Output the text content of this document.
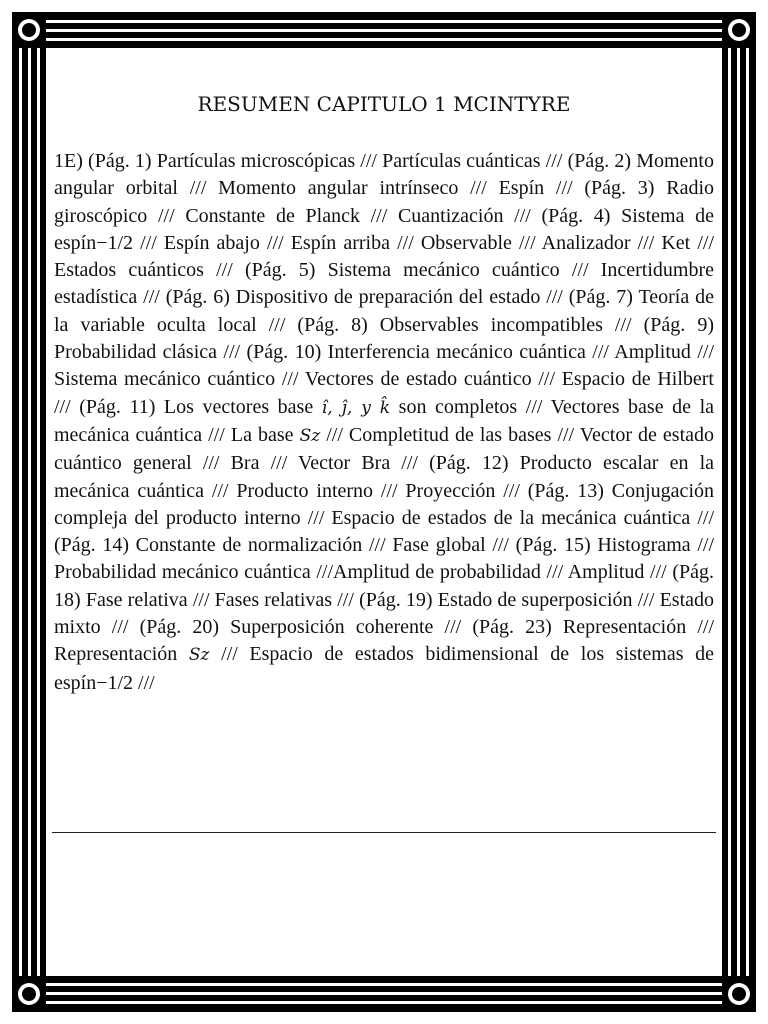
RESUMEN CAPITULO 1 MCINTYRE

1E) (Pág. 1) Partículas microscópicas /// Partículas cuánticas /// (Pág. 2) Momento angular orbital /// Momento angular intrínseco /// Espín /// (Pág. 3) Radio giroscópico /// Constante de Planck /// Cuantización /// (Pág. 4) Sistema de espín−1/2 /// Espín abajo /// Espín arriba /// Observable /// Analizador /// Ket /// Estados cuánticos /// (Pág. 5) Sistema mecánico cuántico /// Incertidumbre estadística /// (Pág. 6) Dispositivo de preparación del estado /// (Pág. 7) Teoría de la variable oculta local /// (Pág. 8) Observables incompatibles /// (Pág. 9) Probabilidad clásica /// (Pág. 10) Interferencia mecánico cuántica /// Amplitud /// Sistema mecánico cuántico /// Vectores de estado cuántico /// Espacio de Hilbert /// (Pág. 11) Los vectores base ı̂, ȷ̂, y k̂ son completos /// Vectores base de la mecánica cuántica /// La base Sz /// Completitud de las bases /// Vector de estado cuántico general /// Bra /// Vector Bra /// (Pág. 12) Producto escalar en la mecánica cuántica /// Producto interno /// Proyección /// (Pág. 13) Conjugación compleja del producto interno /// Espacio de estados de la mecánica cuántica /// (Pág. 14) Constante de normalización /// Fase global /// (Pág. 15) Histograma /// Probabilidad mecánico cuántica ///Amplitud de probabilidad /// Amplitud /// (Pág. 18) Fase relativa /// Fases relativas /// (Pág. 19) Estado de superposición /// Estado mixto /// (Pág. 20) Superposición coherente /// (Pág. 23) Representación /// Representación Sz /// Espacio de estados bidimensional de los sistemas de espín−1/2 ///
